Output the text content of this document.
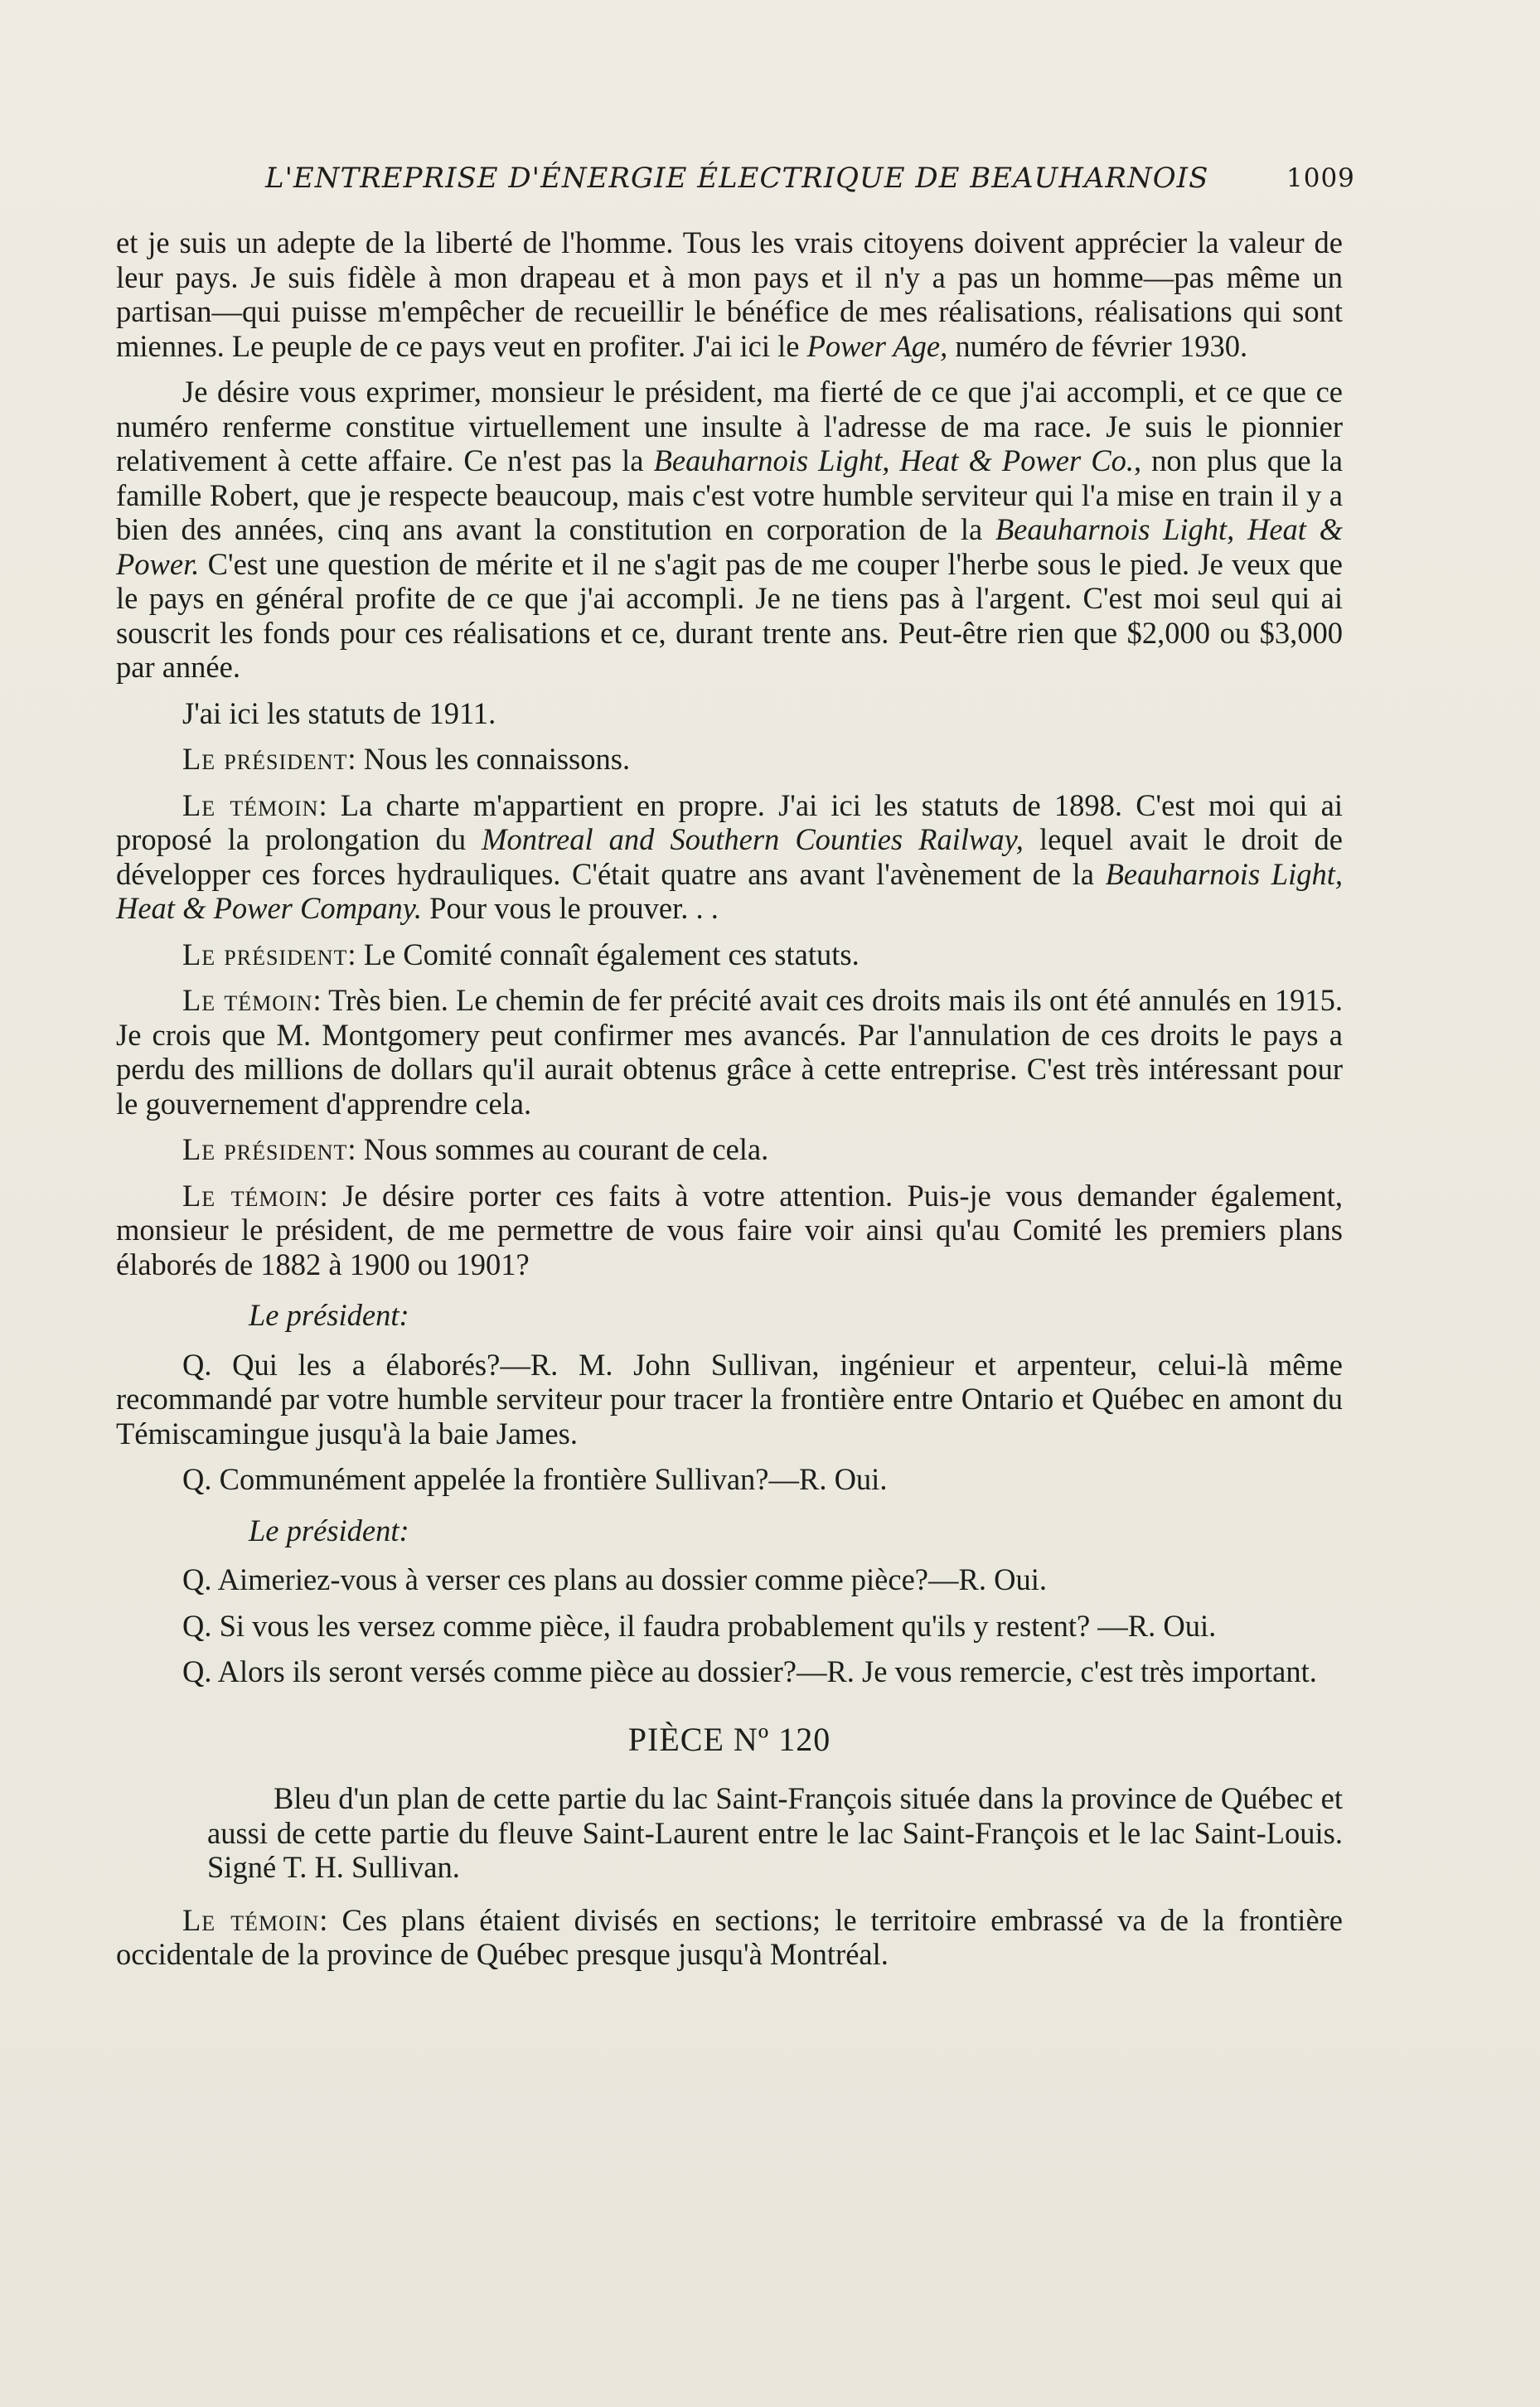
L'ENTREPRISE D'ÉNERGIE ÉLECTRIQUE DE BEAUHARNOIS	1009

et je suis un adepte de la liberté de l'homme. Tous les vrais citoyens doivent apprécier la valeur de leur pays. Je suis fidèle à mon drapeau et à mon pays et il n'y a pas un homme—pas même un partisan—qui puisse m'empêcher de recueillir le bénéfice de mes réalisations, réalisations qui sont miennes. Le peuple de ce pays veut en profiter. J'ai ici le Power Age, numéro de février 1930.

Je désire vous exprimer, monsieur le président, ma fierté de ce que j'ai accompli, et ce que ce numéro renferme constitue virtuellement une insulte à l'adresse de ma race. Je suis le pionnier relativement à cette affaire. Ce n'est pas la Beauharnois Light, Heat & Power Co., non plus que la famille Robert, que je respecte beaucoup, mais c'est votre humble serviteur qui l'a mise en train il y a bien des années, cinq ans avant la constitution en corporation de la Beauharnois Light, Heat & Power. C'est une question de mérite et il ne s'agit pas de me couper l'herbe sous le pied. Je veux que le pays en général profite de ce que j'ai accompli. Je ne tiens pas à l'argent. C'est moi seul qui ai souscrit les fonds pour ces réalisations et ce, durant trente ans. Peut-être rien que $2,000 ou $3,000 par année.

J'ai ici les statuts de 1911.

Le président: Nous les connaissons.

Le témoin: La charte m'appartient en propre. J'ai ici les statuts de 1898. C'est moi qui ai proposé la prolongation du Montreal and Southern Counties Railway, lequel avait le droit de développer ces forces hydrauliques. C'était quatre ans avant l'avènement de la Beauharnois Light, Heat & Power Company. Pour vous le prouver. . .

Le président: Le Comité connaît également ces statuts.

Le témoin: Très bien. Le chemin de fer précité avait ces droits mais ils ont été annulés en 1915. Je crois que M. Montgomery peut confirmer mes avancés. Par l'annulation de ces droits le pays a perdu des millions de dollars qu'il aurait obtenus grâce à cette entreprise. C'est très intéressant pour le gouvernement d'apprendre cela.

Le président: Nous sommes au courant de cela.

Le témoin: Je désire porter ces faits à votre attention. Puis-je vous demander également, monsieur le président, de me permettre de vous faire voir ainsi qu'au Comité les premiers plans élaborés de 1882 à 1900 ou 1901?

Le président:

Q. Qui les a élaborés?—R. M. John Sullivan, ingénieur et arpenteur, celui-là même recommandé par votre humble serviteur pour tracer la frontière entre Ontario et Québec en amont du Témiscamingue jusqu'à la baie James.

Q. Communément appelée la frontière Sullivan?—R. Oui.

Le président:

Q. Aimeriez-vous à verser ces plans au dossier comme pièce?—R. Oui.

Q. Si vous les versez comme pièce, il faudra probablement qu'ils y restent? —R. Oui.

Q. Alors ils seront versés comme pièce au dossier?—R. Je vous remercie, c'est très important.

PIÈCE Nº 120

Bleu d'un plan de cette partie du lac Saint-François située dans la province de Québec et aussi de cette partie du fleuve Saint-Laurent entre le lac Saint-François et le lac Saint-Louis. Signé T. H. Sullivan.

Le témoin: Ces plans étaient divisés en sections; le territoire embrassé va de la frontière occidentale de la province de Québec presque jusqu'à Montréal.
